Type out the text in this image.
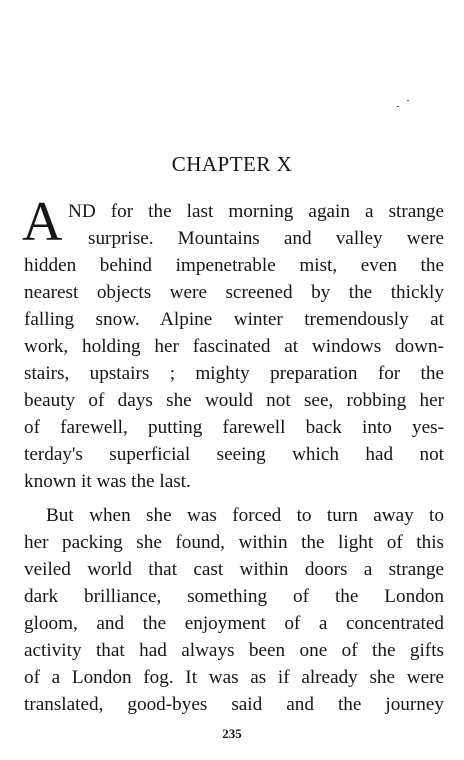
CHAPTER X
A ND for the last morning again a strange
surprise. Mountains and valley were
hidden behind impenetrable mist, even the
nearest objects were screened by the thickly
falling snow. Alpine winter tremendously at
work, holding her fascinated at windows down-
stairs, upstairs ; mighty preparation for the
beauty of days she would not see, robbing her
of farewell, putting farewell back into yes-
terday's superficial seeing which had not
known it was the last.
But when she was forced to turn away to
her packing she found, within the light of this
veiled world that cast within doors a strange
dark brilliance, something of the London
gloom, and the enjoyment of a concentrated
activity that had always been one of the gifts
of a London fog. It was as if already she were
translated, good-byes said and the journey
235
